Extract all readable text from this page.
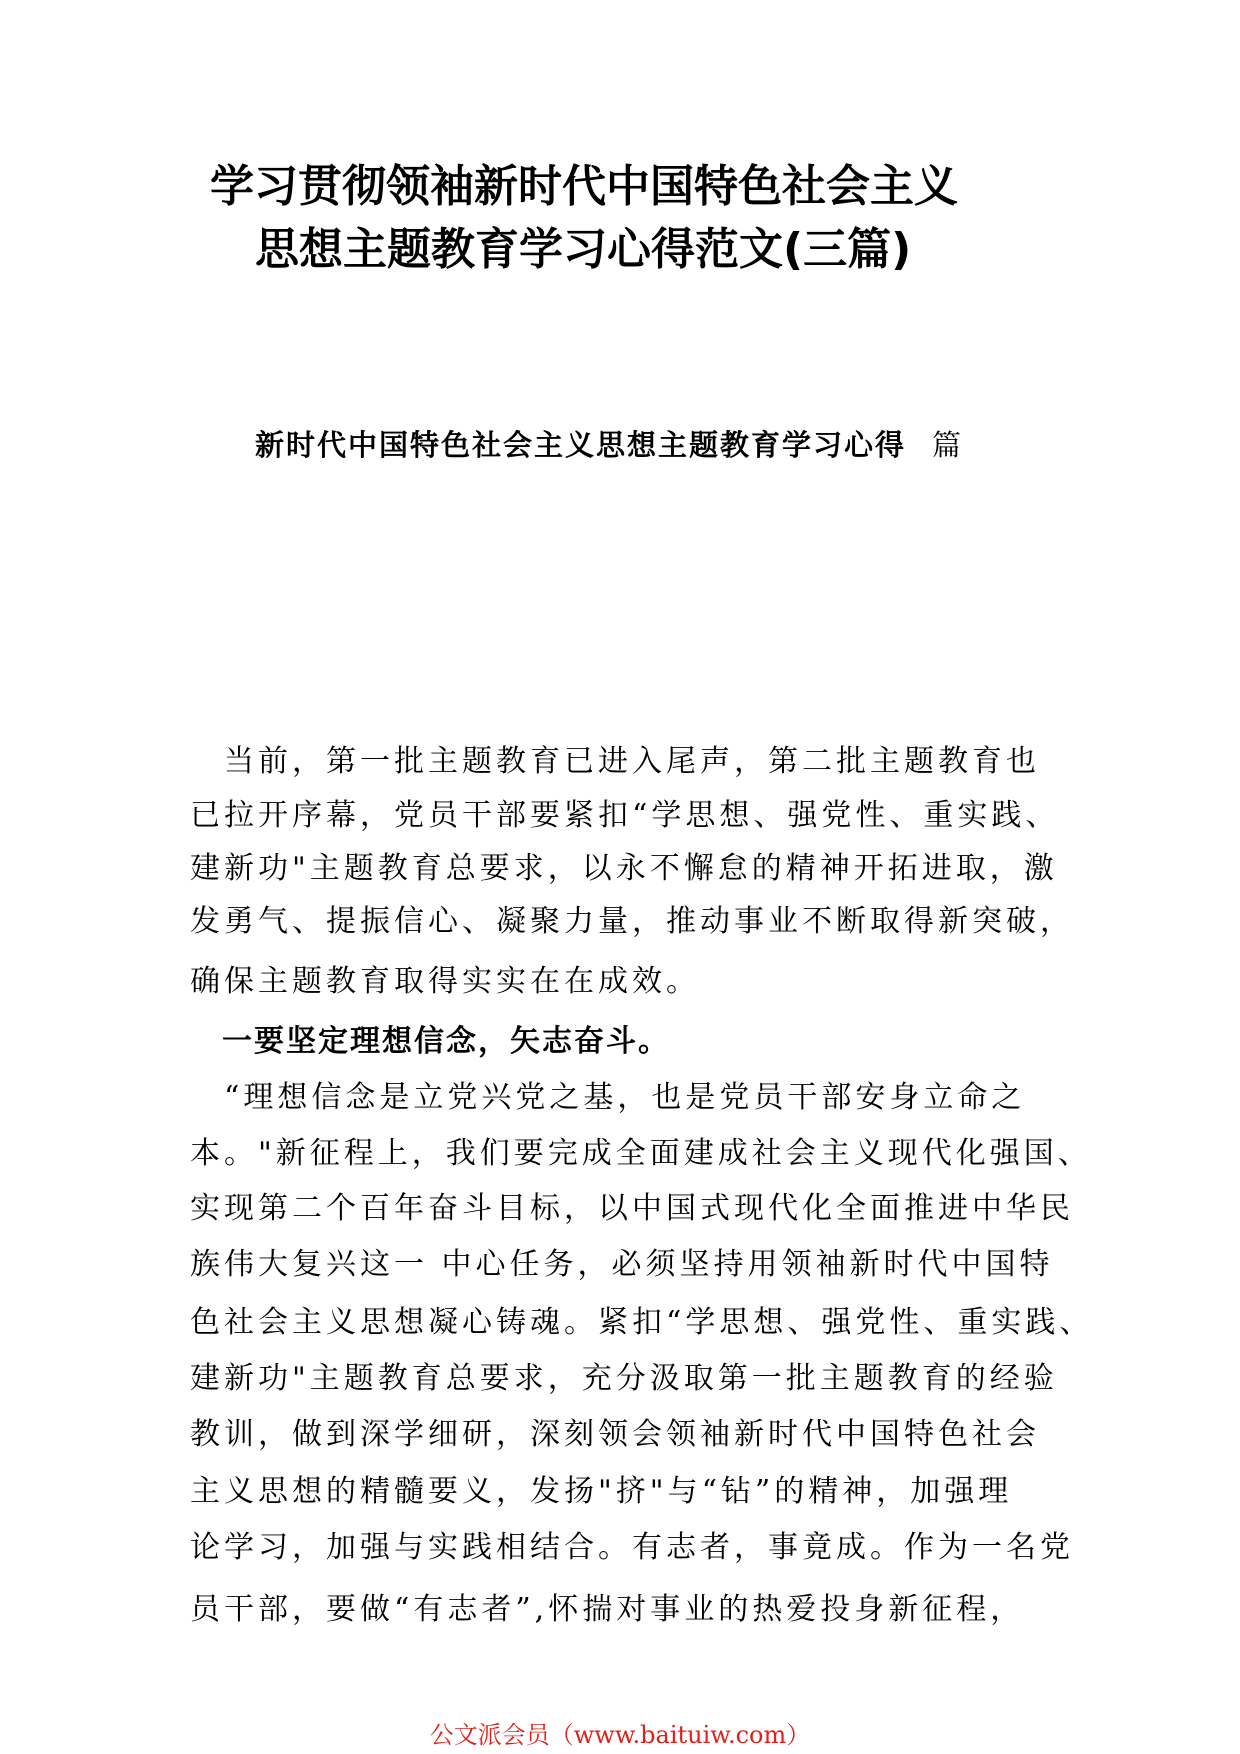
学习贯彻领袖新时代中国特色社会主义
思想主题教育学习心得范文(三篇)
新时代中国特色社会主义思想主题教育学习心得 篇
　当前，第一批主题教育已进入尾声，第二批主题教育也
已拉开序幕，党员干部要紧扣“学思想、强党性、重实践、
建新功"主题教育总要求，以永不懈怠的精神开拓进取，激
发勇气、提振信心、凝聚力量，推动事业不断取得新突破，
确保主题教育取得实实在在成效。
　一要坚定理想信念，矢志奋斗。
　“理想信念是立党兴党之基，也是党员干部安身立命之
本。"新征程上，我们要完成全面建成社会主义现代化强国、
实现第二个百年奋斗目标，以中国式现代化全面推进中华民
族伟大复兴这一 中心任务，必须坚持用领袖新时代中国特
色社会主义思想凝心铸魂。紧扣“学思想、强党性、重实践、
建新功"主题教育总要求，充分汲取第一批主题教育的经验
教训，做到深学细研，深刻领会领袖新时代中国特色社会
主义思想的精髓要义，发扬"挤"与“钻”的精神，加强理
论学习，加强与实践相结合。有志者，事竟成。作为一名党
员干部，要做“有志者”,怀揣对事业的热爱投身新征程，
公文派会员（www.baituiw.com）
